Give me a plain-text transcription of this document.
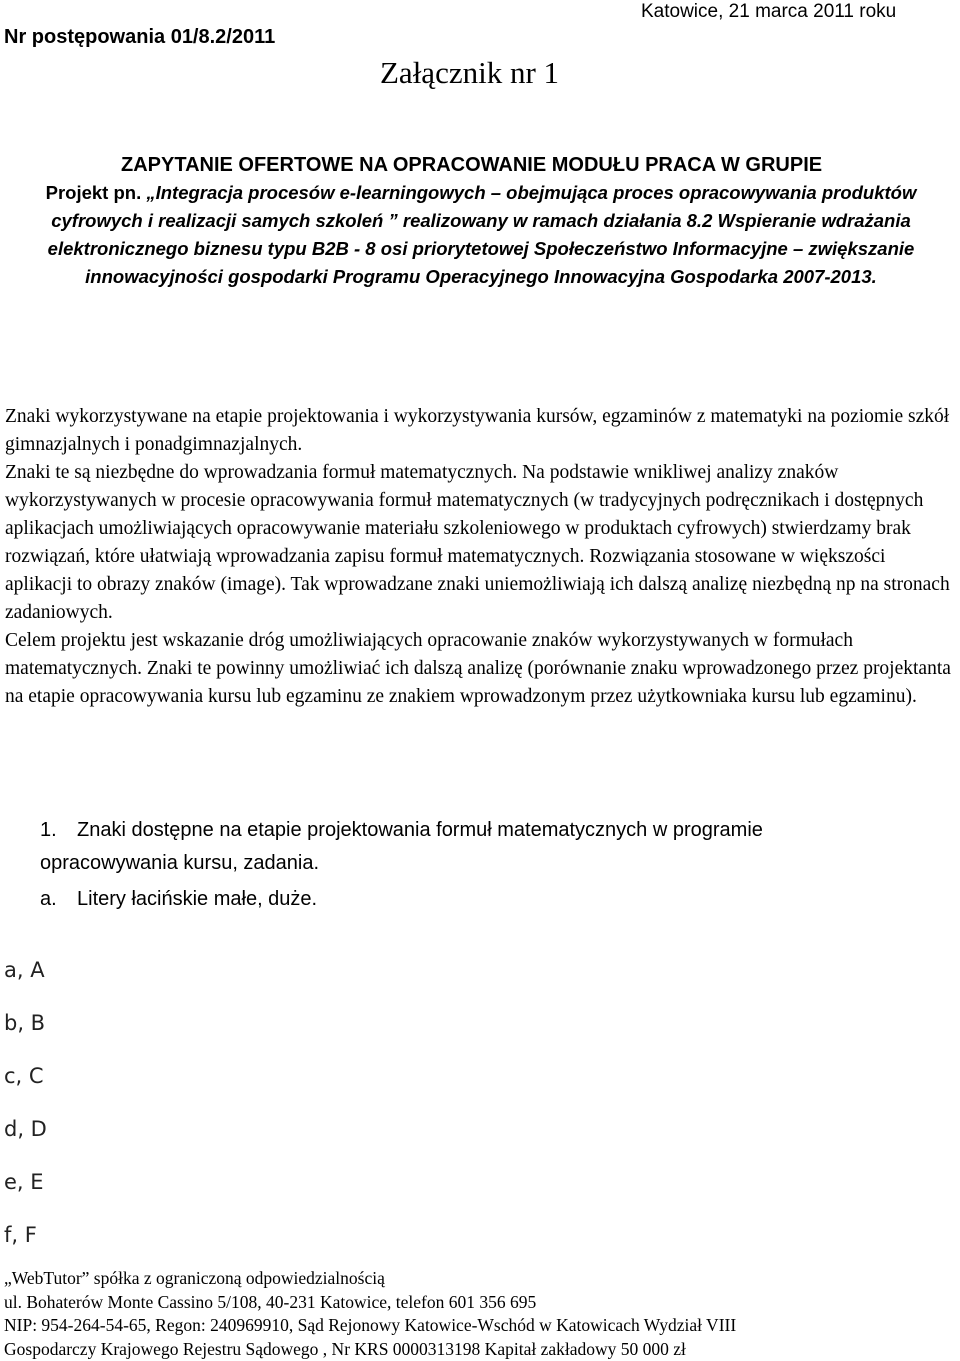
Nr postępowania 01/8.2/2011
Katowice, 21 marca 2011 roku
Załącznik nr 1
ZAPYTANIE OFERTOWE NA OPRACOWANIE MODUŁU PRACA W GRUPIE
Projekt pn. „Integracja procesów e-learningowych – obejmująca proces opracowywania produktów cyfrowych i realizacji samych szkoleń ” realizowany w ramach działania 8.2 Wspieranie wdrażania elektronicznego biznesu typu B2B - 8 osi priorytetowej Społeczeństwo Informacyjne – zwiększanie innowacyjności gospodarki Programu Operacyjnego Innowacyjna Gospodarka 2007-2013.

Znaki wykorzystywane na etapie projektowania i wykorzystywania kursów, egzaminów z matematyki na poziomie szkół gimnazjalnych i ponadgimnazjalnych.

Znaki te są niezbędne do wprowadzania formuł matematycznych. Na podstawie wnikliwej analizy znaków wykorzystywanych w procesie opracowywania formuł matematycznych (w tradycyjnych podręcznikach i dostępnych aplikacjach umożliwiających opracowywanie materiału szkoleniowego w produktach cyfrowych) stwierdzamy brak rozwiązań, które ułatwiają wprowadzania zapisu formuł matematycznych. Rozwiązania stosowane w większości aplikacji to obrazy znaków (image). Tak wprowadzane znaki uniemożliwiają ich dalszą analizę niezbędną np na stronach zadaniowych.

Celem projektu jest wskazanie dróg umożliwiających opracowanie znaków wykorzystywanych w formułach matematycznych. Znaki te powinny umożliwiać ich dalszą analizę (porównanie znaku wprowadzonego przez projektanta na etapie opracowywania kursu lub egzaminu ze znakiem wprowadzonym przez użytkowniaka kursu lub egzaminu).

1.	Znaki dostępne na etapie projektowania formuł matematycznych w programie
opracowywania kursu, zadania.
a.	Litery łacińskie małe, duże.
a, A
b, B
c, C
d, D
e, E
f, F
„WebTutor” spółka z ograniczoną odpowiedzialnością
ul. Bohaterów Monte Cassino 5/108, 40-231 Katowice, telefon 601 356 695
NIP: 954-264-54-65, Regon: 240969910, Sąd Rejonowy Katowice-Wschód w Katowicach Wydział VIII
Gospodarczy Krajowego Rejestru Sądowego , Nr KRS 0000313198 Kapitał zakładowy 50 000 zł
